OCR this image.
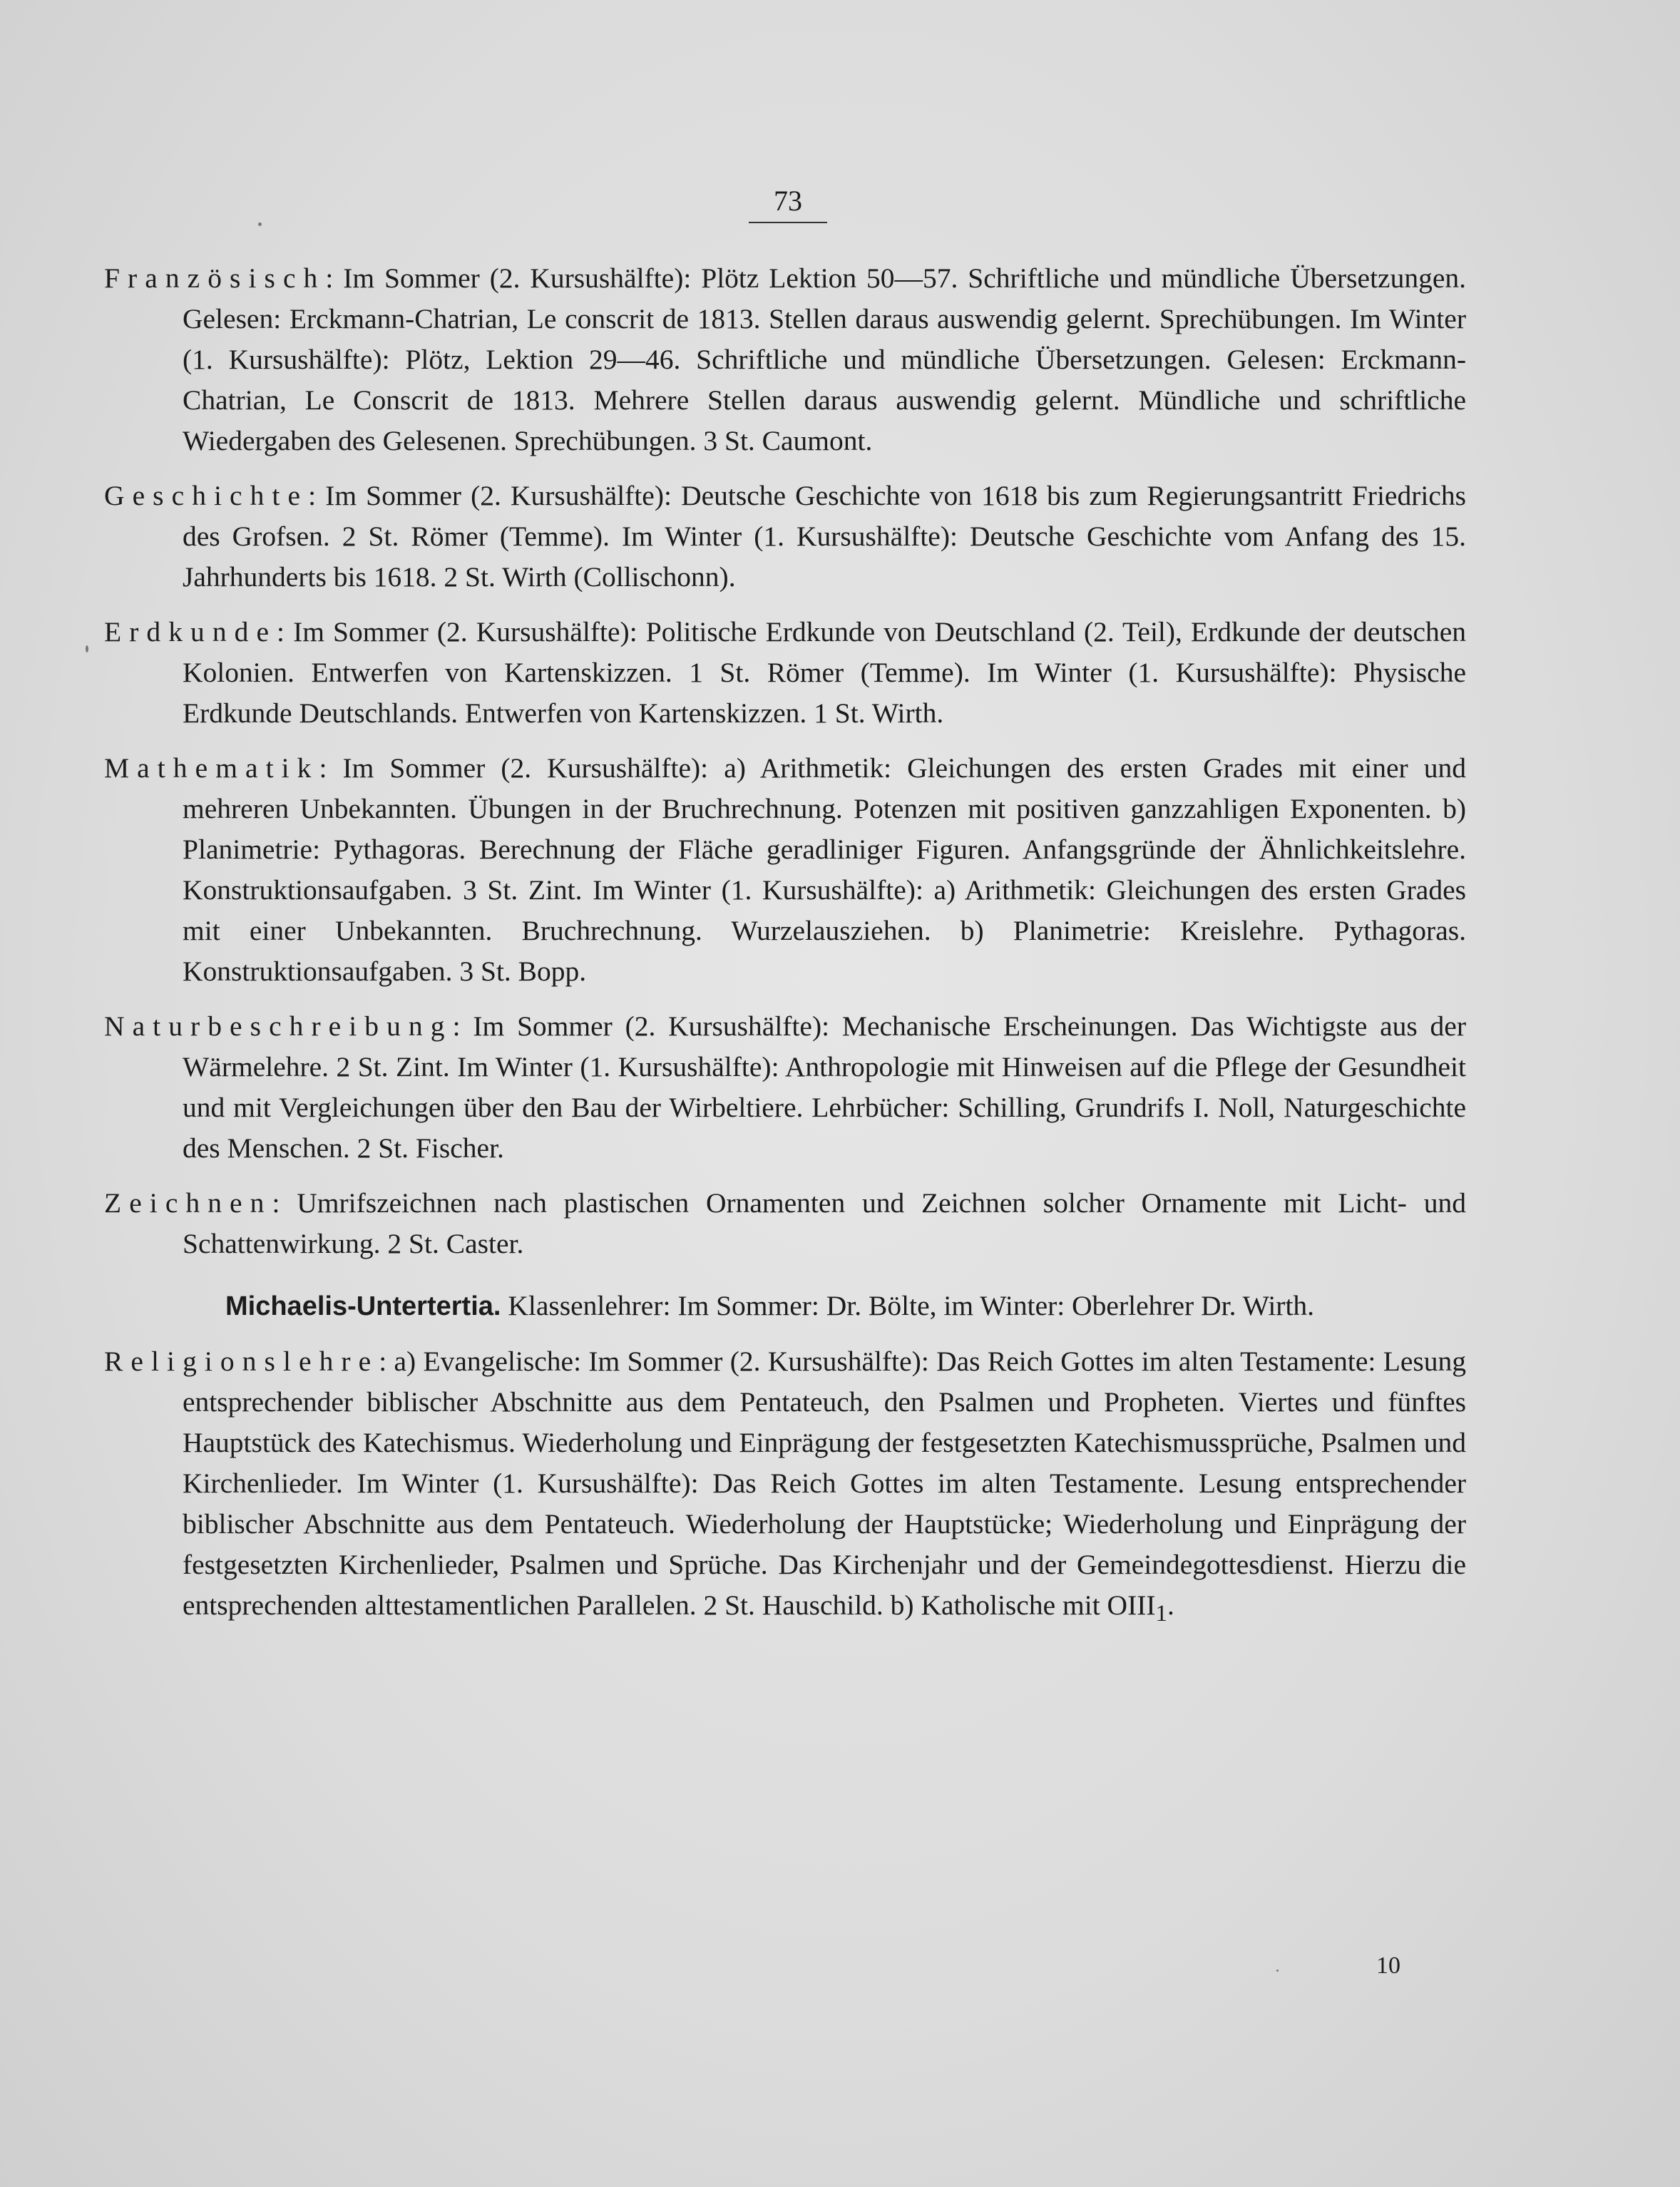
73

Französisch: Im Sommer (2. Kursushälfte): Plötz Lektion 50—57. Schriftliche und mündliche Übersetzungen. Gelesen: Erckmann-Chatrian, Le conscrit de 1813. Stellen daraus auswendig gelernt. Sprechübungen. Im Winter (1. Kursushälfte): Plötz, Lektion 29—46. Schriftliche und mündliche Übersetzungen. Gelesen: Erckmann-Chatrian, Le Conscrit de 1813. Mehrere Stellen daraus auswendig gelernt. Mündliche und schriftliche Wiedergaben des Gelesenen. Sprechübungen. 3 St. Caumont.

Geschichte: Im Sommer (2. Kursushälfte): Deutsche Geschichte von 1618 bis zum Regierungsantritt Friedrichs des Grofsen. 2 St. Römer (Temme). Im Winter (1. Kursushälfte): Deutsche Geschichte vom Anfang des 15. Jahrhunderts bis 1618. 2 St. Wirth (Collischonn).

Erdkunde: Im Sommer (2. Kursushälfte): Politische Erdkunde von Deutschland (2. Teil), Erdkunde der deutschen Kolonien. Entwerfen von Kartenskizzen. 1 St. Römer (Temme). Im Winter (1. Kursushälfte): Physische Erdkunde Deutschlands. Entwerfen von Kartenskizzen. 1 St. Wirth.

Mathematik: Im Sommer (2. Kursushälfte): a) Arithmetik: Gleichungen des ersten Grades mit einer und mehreren Unbekannten. Übungen in der Bruchrechnung. Potenzen mit positiven ganzzahligen Exponenten. b) Planimetrie: Pythagoras. Berechnung der Fläche geradliniger Figuren. Anfangsgründe der Ähnlichkeitslehre. Konstruktionsaufgaben. 3 St. Zint. Im Winter (1. Kursushälfte): a) Arithmetik: Gleichungen des ersten Grades mit einer Unbekannten. Bruchrechnung. Wurzelausziehen. b) Planimetrie: Kreislehre. Pythagoras. Konstruktionsaufgaben. 3 St. Bopp.

Naturbeschreibung: Im Sommer (2. Kursushälfte): Mechanische Erscheinungen. Das Wichtigste aus der Wärmelehre. 2 St. Zint. Im Winter (1. Kursushälfte): Anthropologie mit Hinweisen auf die Pflege der Gesundheit und mit Vergleichungen über den Bau der Wirbeltiere. Lehrbücher: Schilling, Grundrifs I. Noll, Naturgeschichte des Menschen. 2 St. Fischer.

Zeichnen: Umrifszeichnen nach plastischen Ornamenten und Zeichnen solcher Ornamente mit Licht- und Schattenwirkung. 2 St. Caster.

Michaelis-Untertertia. Klassenlehrer: Im Sommer: Dr. Bölte, im Winter: Oberlehrer Dr. Wirth.

Religionslehre: a) Evangelische: Im Sommer (2. Kursushälfte): Das Reich Gottes im alten Testamente: Lesung entsprechender biblischer Abschnitte aus dem Pentateuch, den Psalmen und Propheten. Viertes und fünftes Hauptstück des Katechismus. Wiederholung und Einprägung der festgesetzten Katechismussprüche, Psalmen und Kirchenlieder. Im Winter (1. Kursushälfte): Das Reich Gottes im alten Testamente. Lesung entsprechender biblischer Abschnitte aus dem Pentateuch. Wiederholung der Hauptstücke; Wiederholung und Einprägung der festgesetzten Kirchenlieder, Psalmen und Sprüche. Das Kirchenjahr und der Gemeindegottesdienst. Hierzu die entsprechenden alttestamentlichen Parallelen. 2 St. Hauschild. b) Katholische mit $OIII_1$.

10
